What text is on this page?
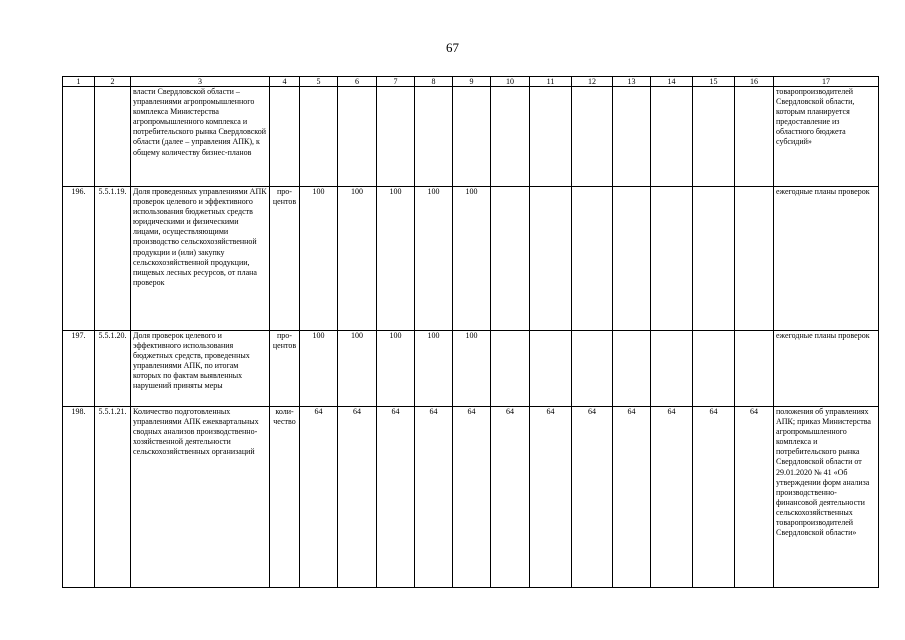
67
1	2	3	4	5	6	7	8	9	10	11	12	13	14	15	16	17
		власти Свердловской области – управлениями агропромышленного комплекса Министерства агропромышленного комплекса и потребительского рынка Свердловской области (далее – управления АПК), к общему количеству бизнес-планов														товаропроизводителей Свердловской области, которым планируется предоставление из областного бюджета субсидий»
196.	5.5.1.19.	Доля проведенных управлениями АПК проверок целевого и эффективного использования бюджетных средств юридическими и физическими лицами, осуществляющими производство сельскохозяйственной продукции и (или) закупку сельскохозяйственной продукции, пищевых лесных ресурсов, от плана проверок	про-центов	100	100	100	100	100								ежегодные планы проверок
197.	5.5.1.20.	Доля проверок целевого и эффективного использования бюджетных средств, проведенных управлениями АПК, по итогам которых по фактам выявленных нарушений приняты меры	про-центов	100	100	100	100	100								ежегодные планы проверок
198.	5.5.1.21.	Количество подготовленных управлениями АПК ежеквартальных сводных анализов производственно-хозяйственной деятельности сельскохозяйственных организаций	коли-чество	64	64	64	64	64	64	64	64	64	64	64	64	положения об управлениях АПК; приказ Министерства агропромышленного комплекса и потребительского рынка Свердловской области от 29.01.2020 № 41 «Об утверждении форм анализа производственно-финансовой деятельности сельскохозяйственных товаропроизводителей Свердловской области»
